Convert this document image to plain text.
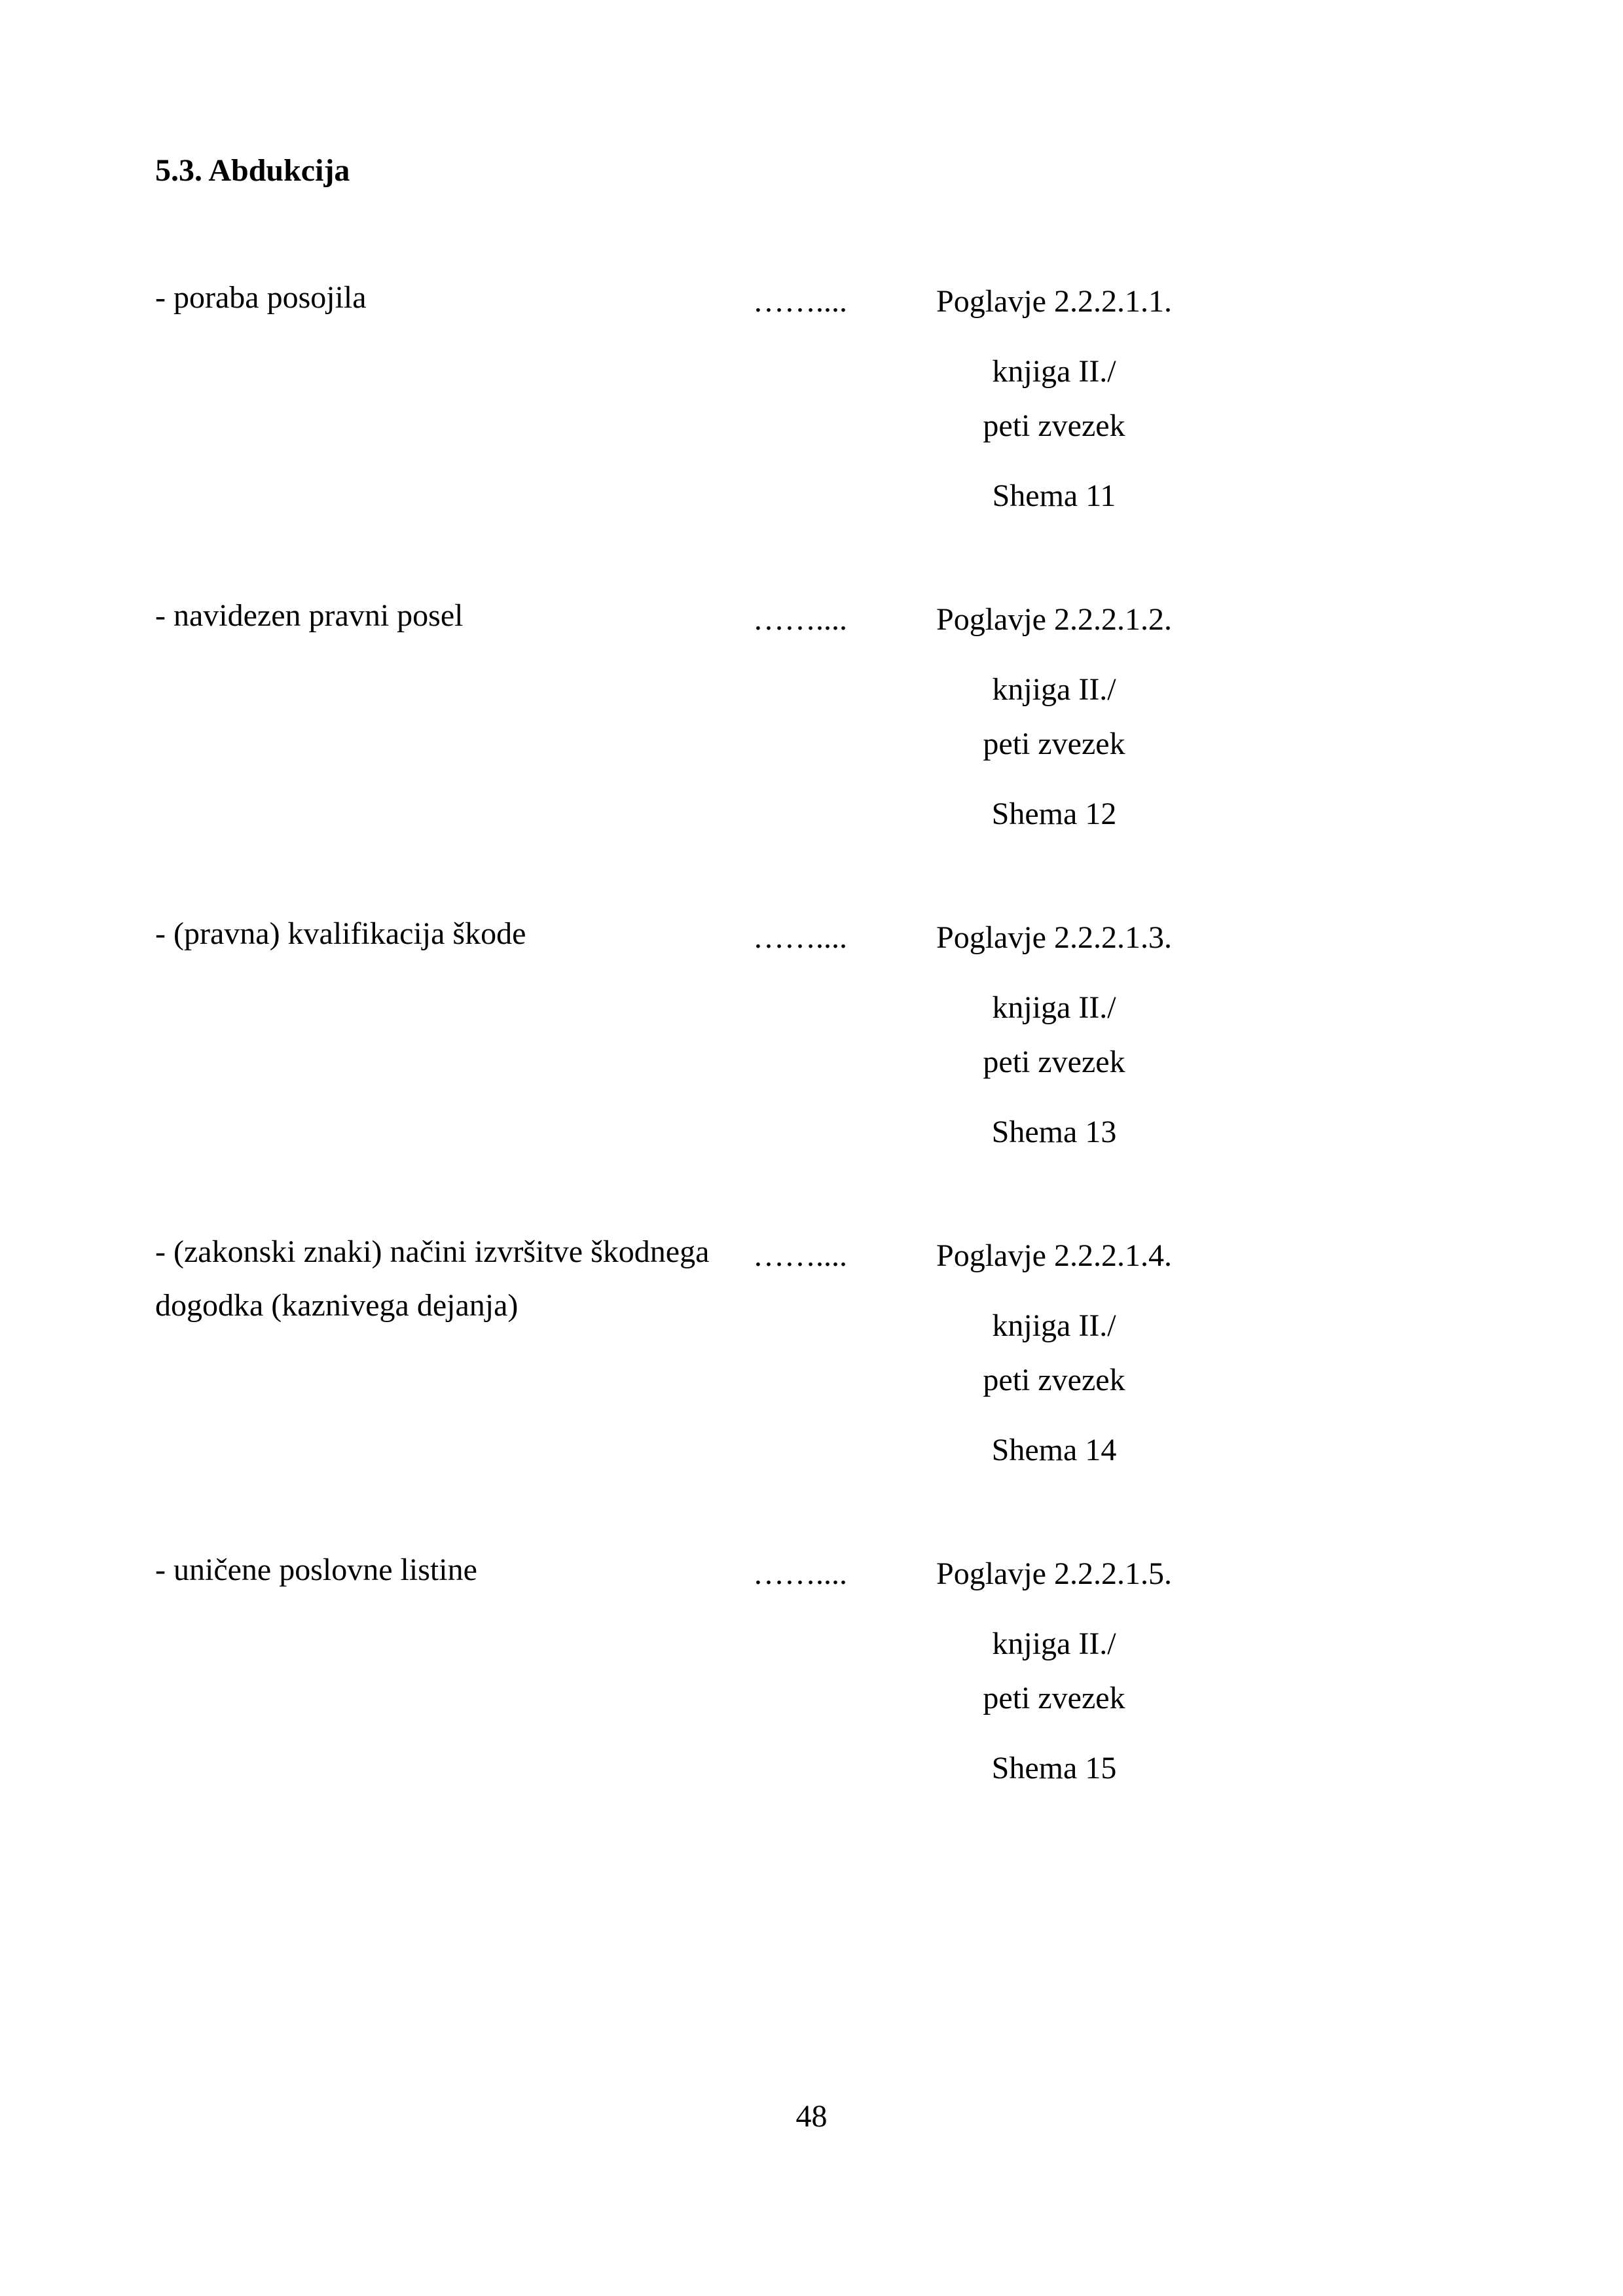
5.3. Abdukcija
- poraba posojila	……....	Poglavje 2.2.2.1.1.
knjiga II./
peti zvezek
Shema 11
- navidezen pravni posel	……....	Poglavje 2.2.2.1.2.
knjiga II./
peti zvezek
Shema 12
- (pravna) kvalifikacija škode	……....	Poglavje 2.2.2.1.3.
knjiga II./
peti zvezek
Shema 13
- (zakonski znaki) načini izvršitve škodnega dogodka (kaznivega dejanja)
……....	Poglavje 2.2.2.1.4.
knjiga II./
peti zvezek
Shema 14
- uničene poslovne listine	……....	Poglavje 2.2.2.1.5.
knjiga II./
peti zvezek
Shema 15
48
